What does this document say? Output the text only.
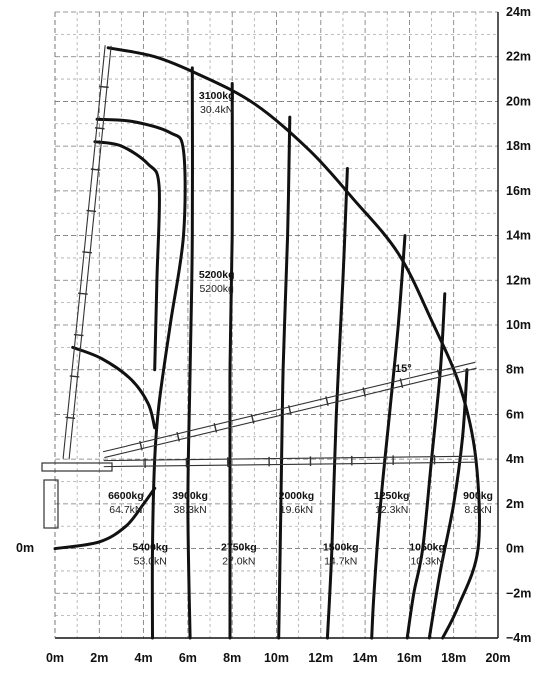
0m 2m 4m 6m 8m 10m 12m 14m 16m 18m 20m
24m
22m
20m
18m
16m
14m
12m
10m
8m
6m
4m
2m
0m
−2m
−4m
3100kg
30.4kN
5200kg
5200kg
6600kg
64.7kN
5400kg
53.0kN
3900kg
38.3kN
2750kg
27.0kN
2000kg
19.6kN
1500kg
14.7kN
1250kg
12.3kN
1050kg
10.3kN
900kg
8.8kN
15°
0m
